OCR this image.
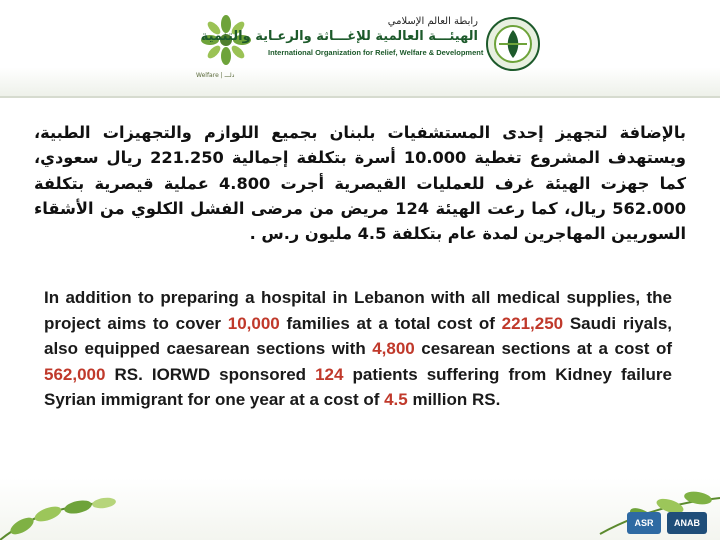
Welfare | دلـــ
رابطة العالم الإسلامي
الهيئـــة العالمية للإغـــاثة والرعـاية والتنمية
International Organization for Relief, Welfare & Development

بالإضافة لتجهيز إحدى المستشفيات بلبنان بجميع اللوازم والتجهيزات الطبية، ويستهدف المشروع تغطية 10.000 أسرة بتكلفة إجمالية 221.250 ريال سعودي، كما جهزت الهيئة غرف للعمليات القيصرية أجرت 4.800 عملية قيصرية بتكلفة 562.000 ريال، كما رعت الهيئة 124 مريض من مرضى الفشل الكلوي من الأشقاء السوريين المهاجرين لمدة عام بتكلفة 4.5 مليون ر.س .

In addition to preparing a hospital in Lebanon with all medical supplies, the project aims to cover 10,000 families at a total cost of 221,250 Saudi riyals, also equipped caesarean sections with 4,800 cesarean sections at a cost of 562,000 RS. IORWD sponsored 124 patients suffering from Kidney failure Syrian immigrant for one year at a cost of 4.5 million RS.

ASR	ANAB
